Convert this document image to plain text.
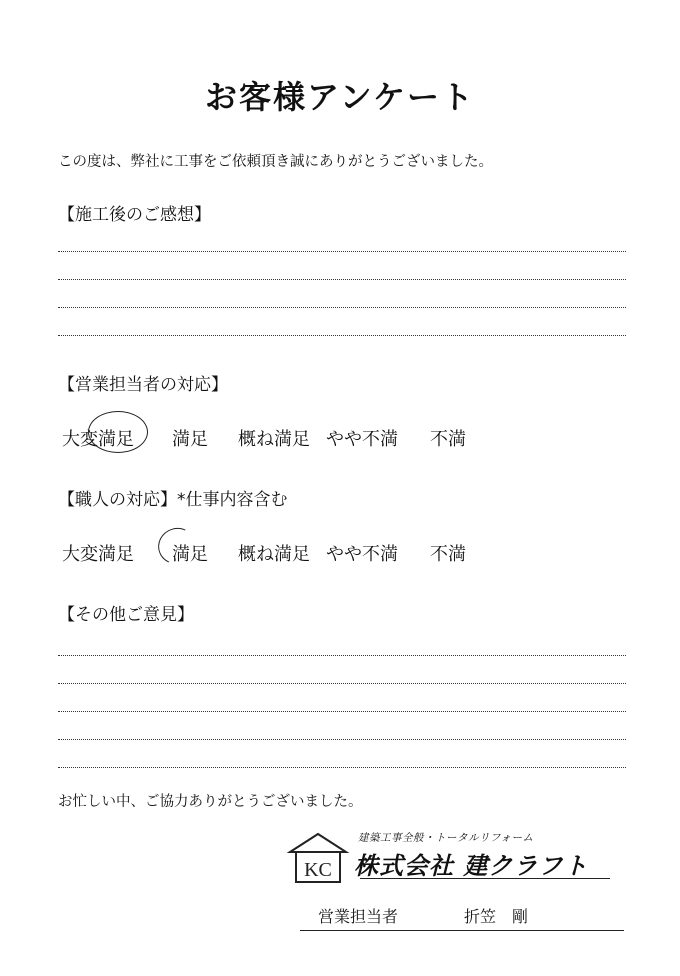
お客様アンケート
この度は、弊社に工事をご依頼頂き誠にありがとうございました。
【施工後のご感想】
【営業担当者の対応】
大変満足 満足 概ね満足 やや不満 不満
【職人の対応】*仕事内容含む
大変満足 満足 概ね満足 やや不満 不満
【その他ご意見】
お忙しい中、ご協力ありがとうございました。
KC
建築工事全般・トータルリフォーム
株式会社 建クラフト
営業担当者	折笠　剛
